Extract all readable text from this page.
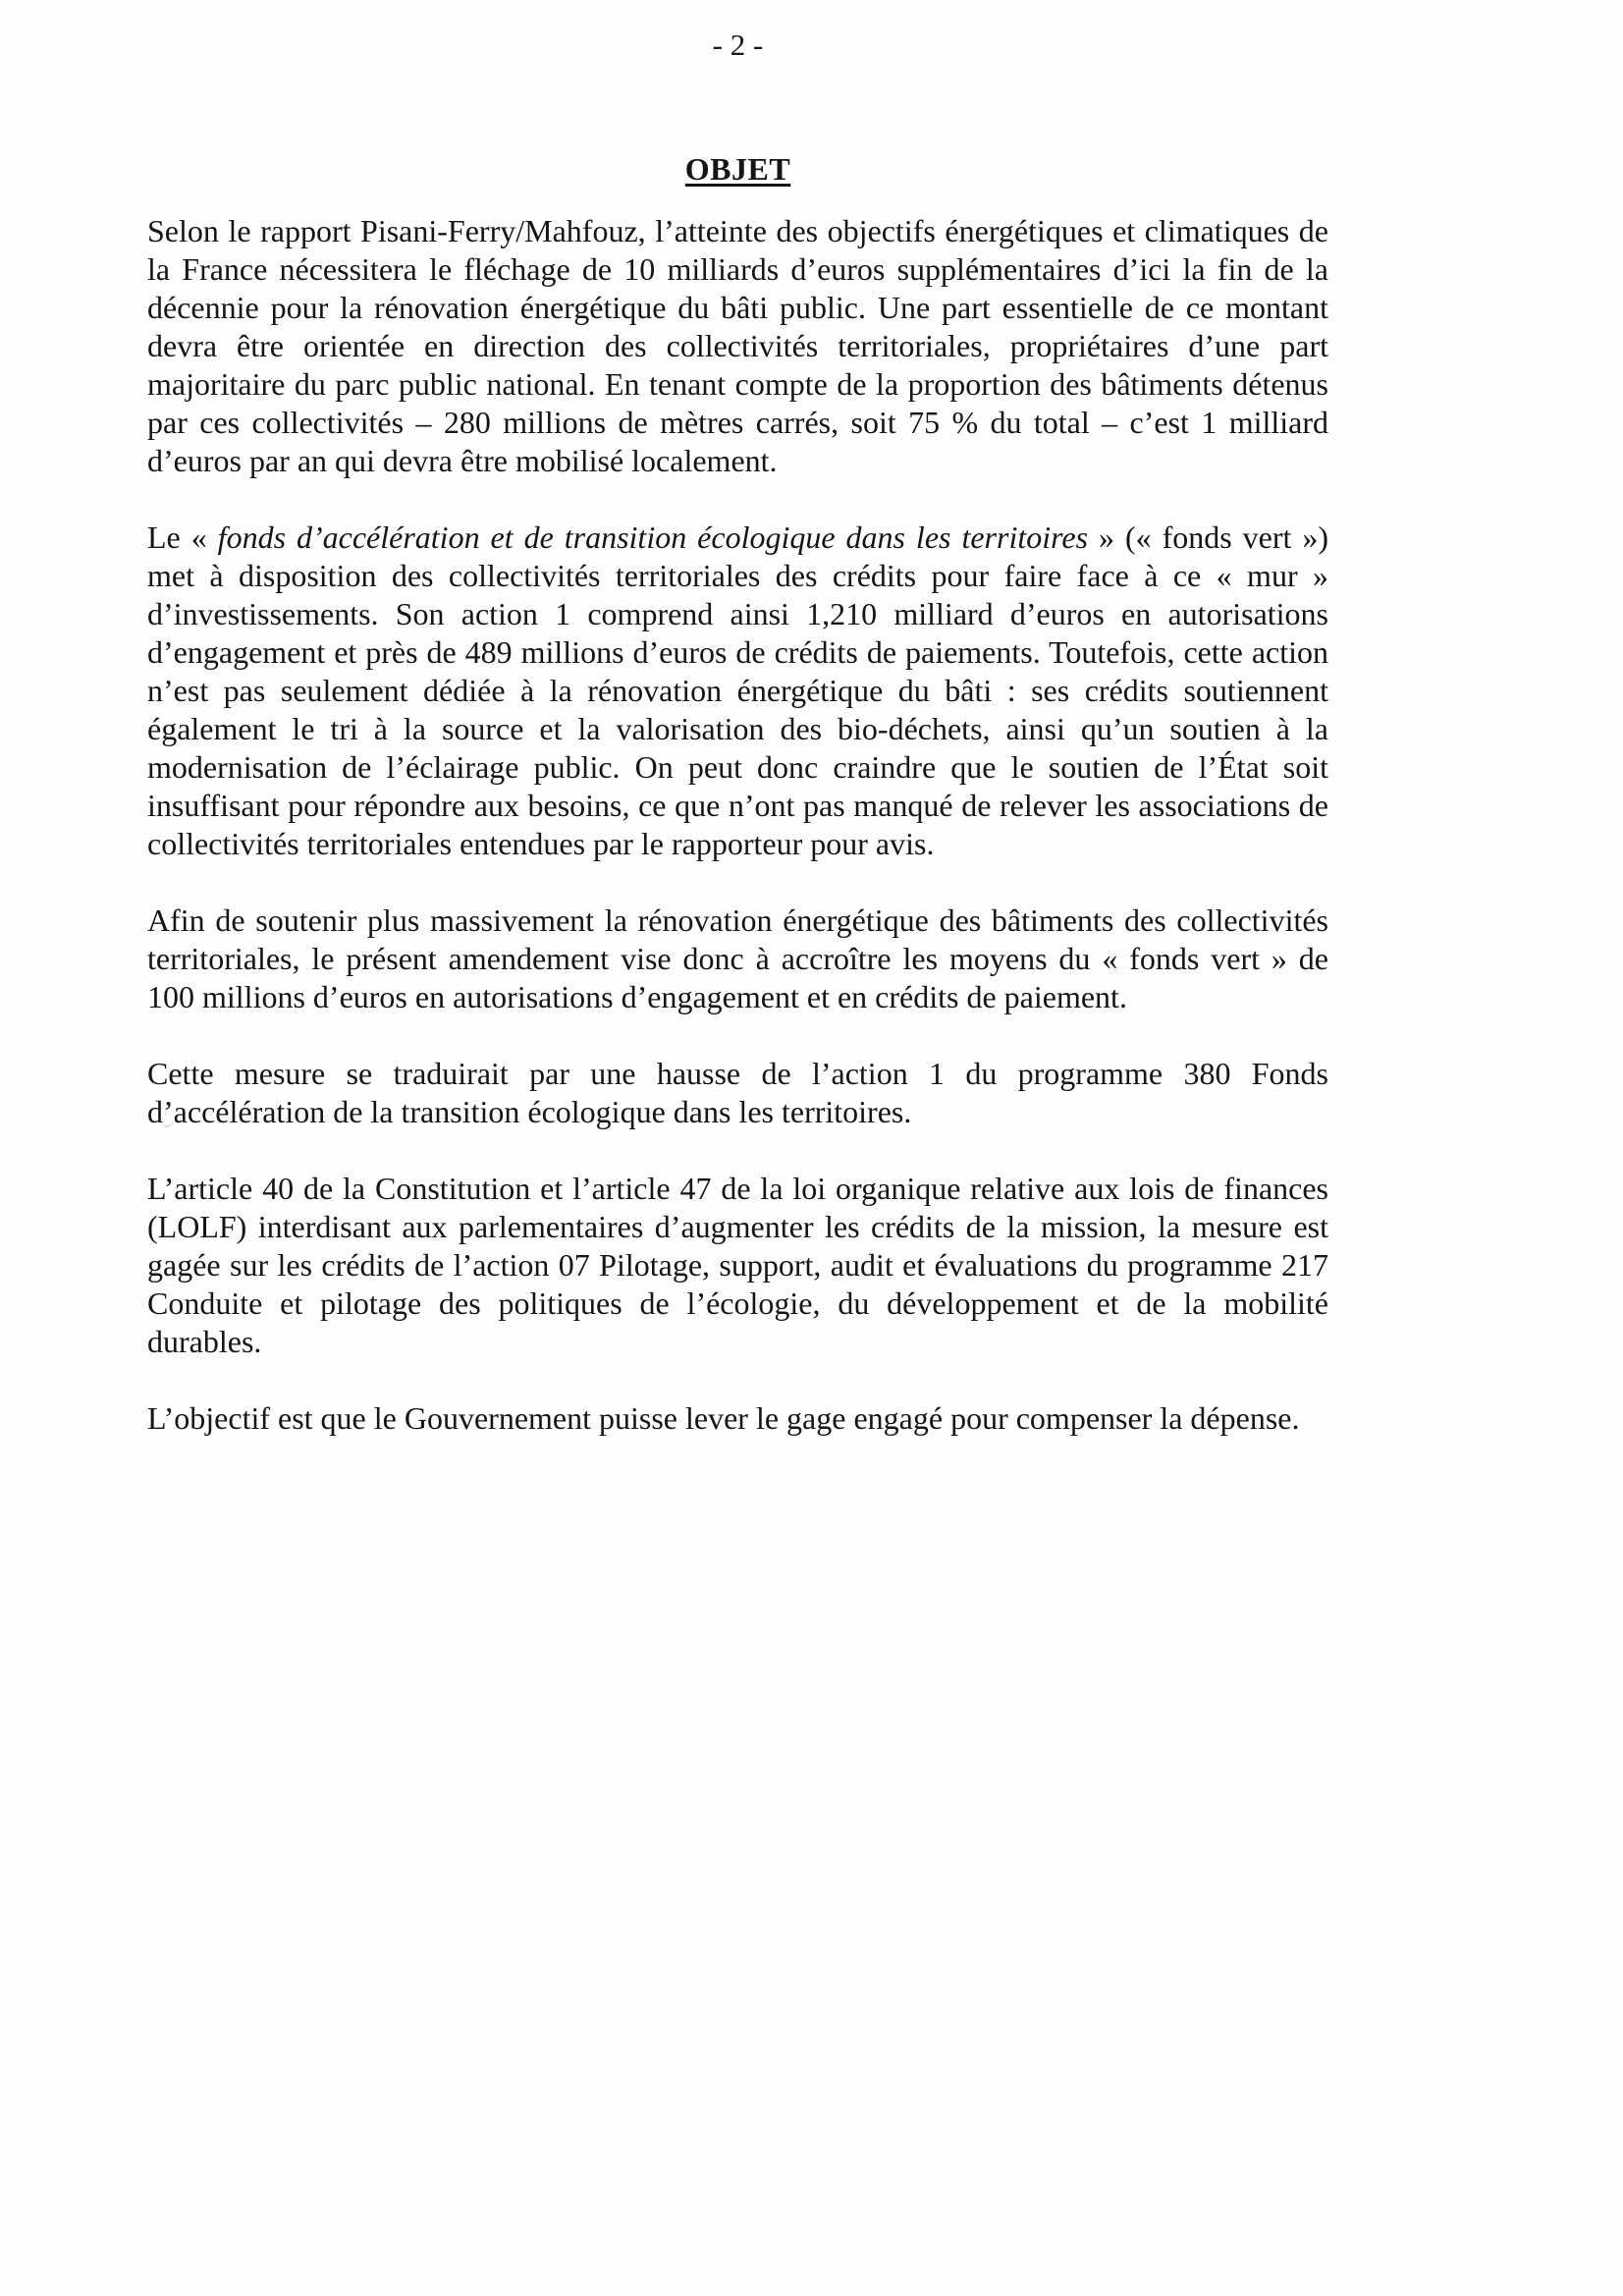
- 2 -
OBJET

Selon le rapport Pisani-Ferry/Mahfouz, l’atteinte des objectifs énergétiques et climatiques de la France nécessitera le fléchage de 10 milliards d’euros supplémentaires d’ici la fin de la décennie pour la rénovation énergétique du bâti public. Une part essentielle de ce montant devra être orientée en direction des collectivités territoriales, propriétaires d’une part majoritaire du parc public national. En tenant compte de la proportion des bâtiments détenus par ces collectivités – 280 millions de mètres carrés, soit 75 % du total – c’est 1 milliard d’euros par an qui devra être mobilisé localement.

Le « fonds d’accélération et de transition écologique dans les territoires » (« fonds vert ») met à disposition des collectivités territoriales des crédits pour faire face à ce « mur » d’investissements. Son action 1 comprend ainsi 1,210 milliard d’euros en autorisations d’engagement et près de 489 millions d’euros de crédits de paiements. Toutefois, cette action n’est pas seulement dédiée à la rénovation énergétique du bâti : ses crédits soutiennent également le tri à la source et la valorisation des bio-déchets, ainsi qu’un soutien à la modernisation de l’éclairage public. On peut donc craindre que le soutien de l’État soit insuffisant pour répondre aux besoins, ce que n’ont pas manqué de relever les associations de collectivités territoriales entendues par le rapporteur pour avis.

Afin de soutenir plus massivement la rénovation énergétique des bâtiments des collectivités territoriales, le présent amendement vise donc à accroître les moyens du « fonds vert » de 100 millions d’euros en autorisations d’engagement et en crédits de paiement.

Cette mesure se traduirait par une hausse de l’action 1 du programme 380 Fonds d’accélération de la transition écologique dans les territoires.

L’article 40 de la Constitution et l’article 47 de la loi organique relative aux lois de finances (LOLF) interdisant aux parlementaires d’augmenter les crédits de la mission, la mesure est gagée sur les crédits de l’action 07 Pilotage, support, audit et évaluations du programme 217 Conduite et pilotage des politiques de l’écologie, du développement et de la mobilité durables.

L’objectif est que le Gouvernement puisse lever le gage engagé pour compenser la dépense.
